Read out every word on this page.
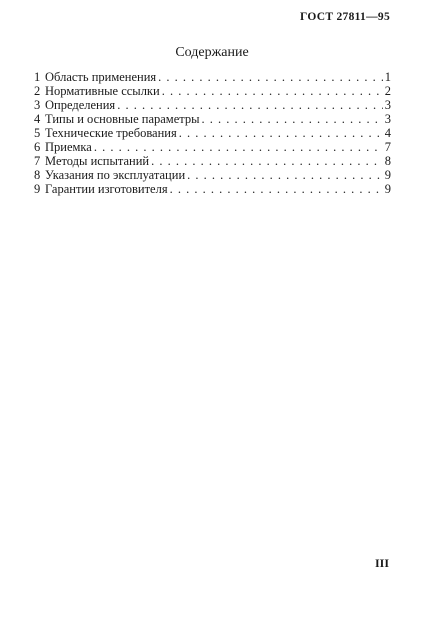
ГОСТ 27811—95
Содержание
1 Область применения . . .	1
2 Нормативные ссылки . . .	2
3 Определения . . .	3
4 Типы и основные параметры . . .	3
5 Технические требования . . .	4
6 Приемка . . .	7
7 Методы испытаний . . .	8
8 Указания по эксплуатации . . .	9
9 Гарантии изготовителя . . .	9
III
